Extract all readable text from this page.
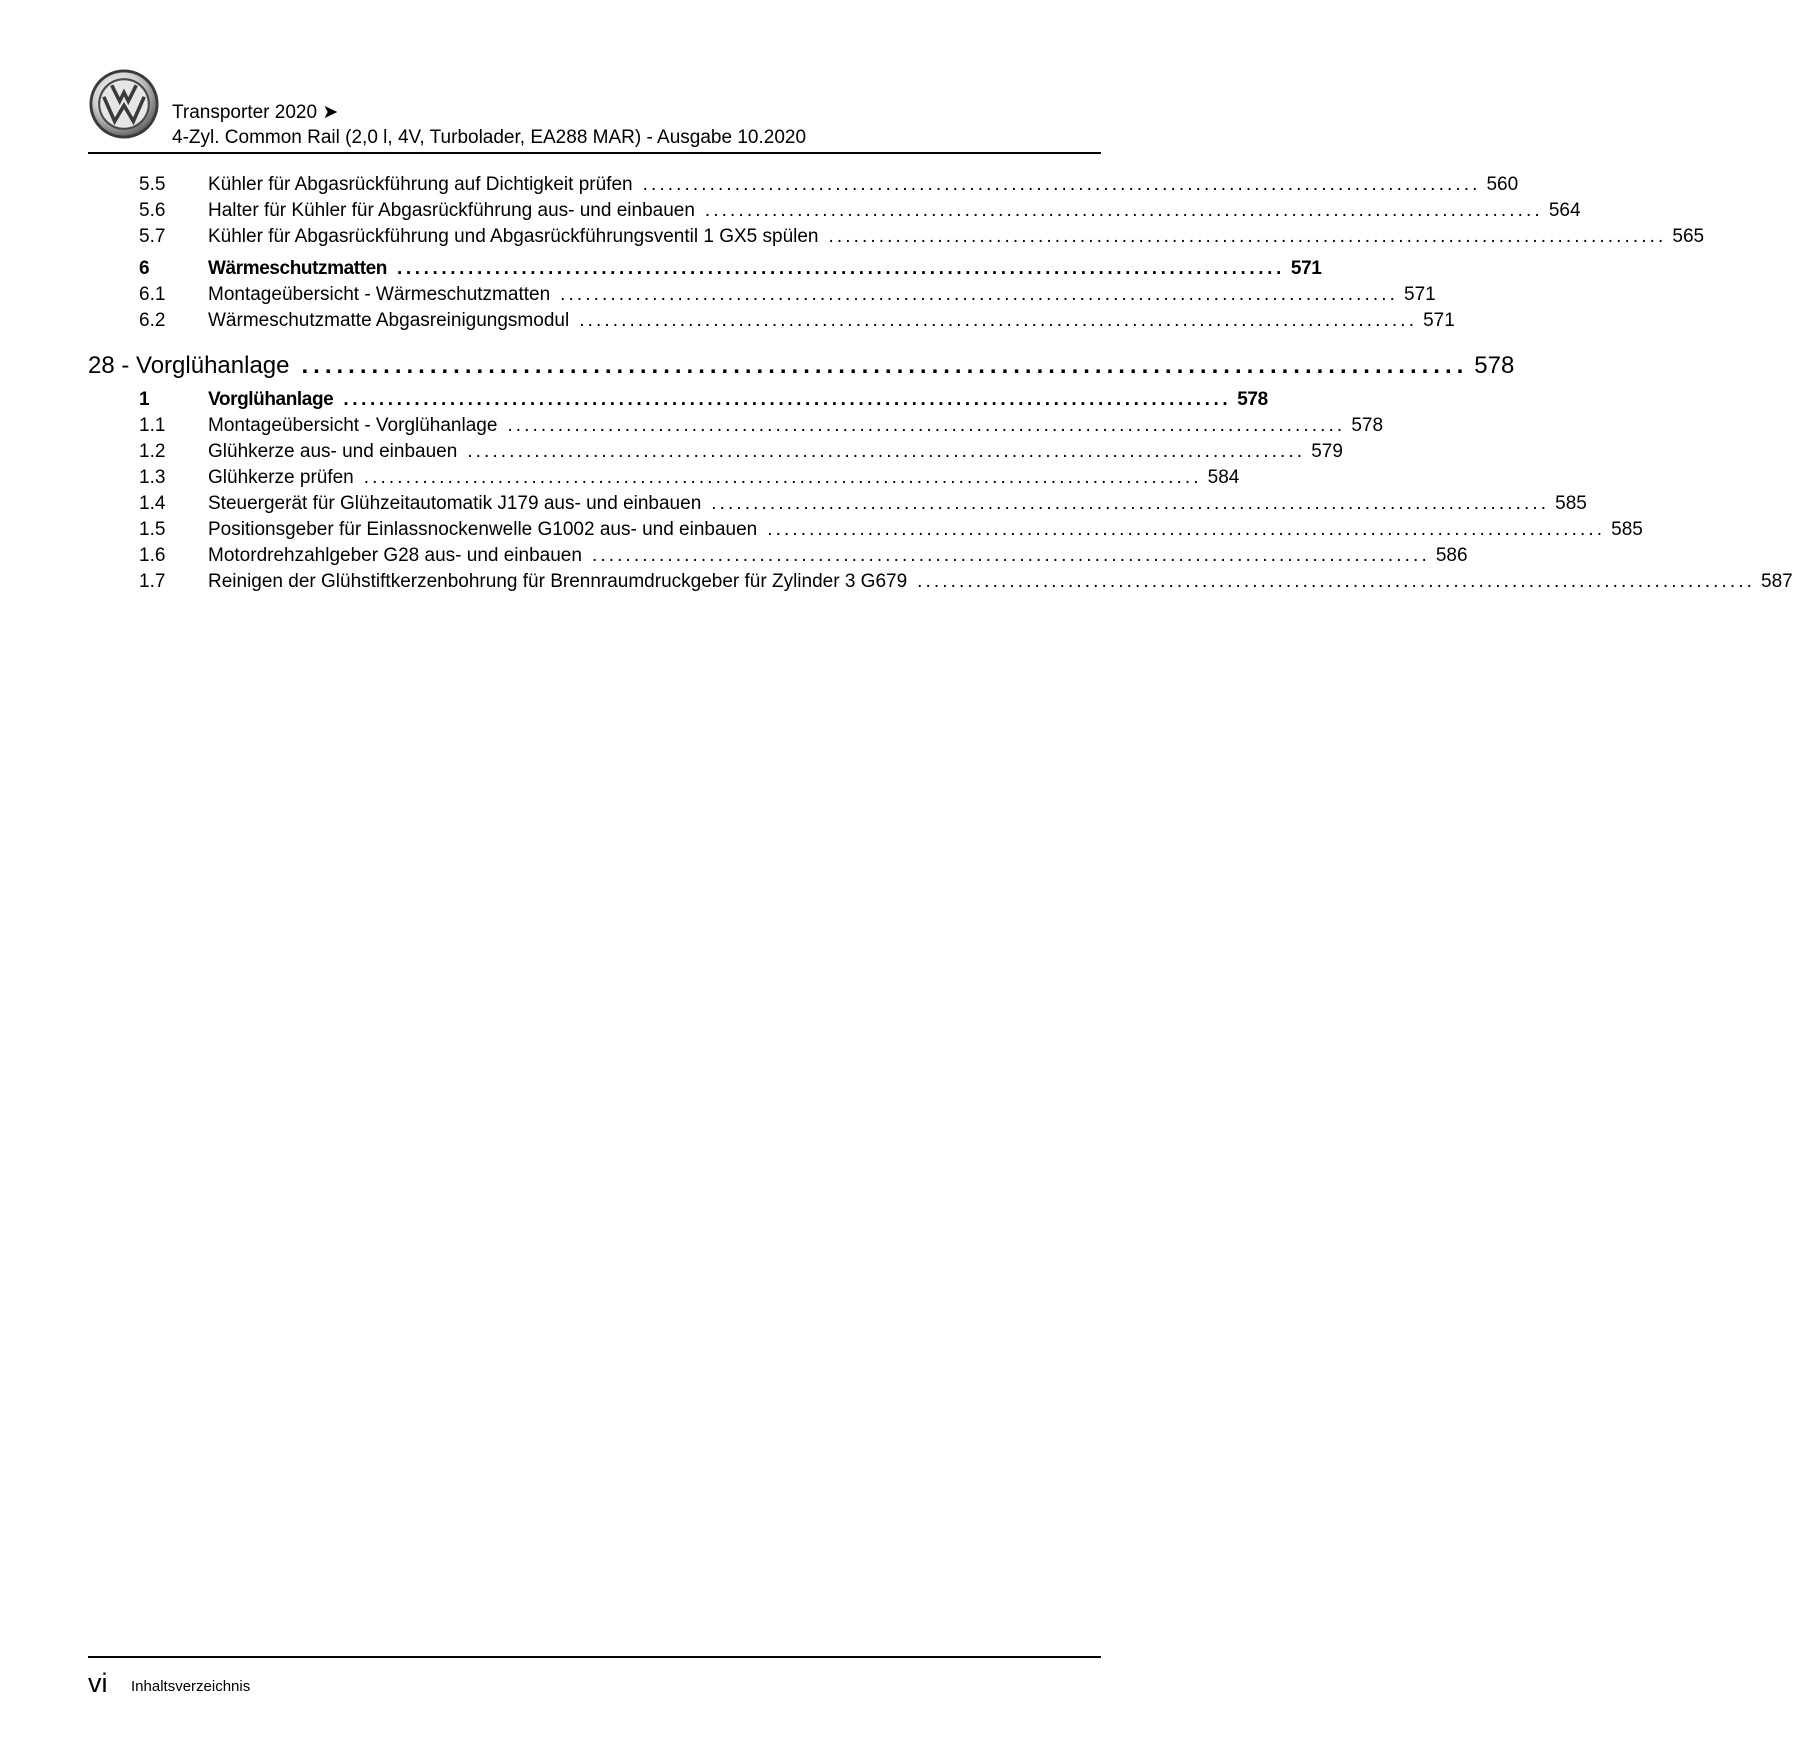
Transporter 2020 ➤
4-Zyl. Common Rail (2,0 l, 4V, Turbolader, EA288 MAR) - Ausgabe 10.2020
5.5	Kühler für Abgasrückführung auf Dichtigkeit prüfen .................................................................................................... 560
5.6	Halter für Kühler für Abgasrückführung aus- und einbauen .................................................................................................... 564
5.7	Kühler für Abgasrückführung und Abgasrückführungsventil 1 GX5 spülen .................................................................................................... 565
6	Wärmeschutzmatten .................................................................................................... 571
6.1	Montageübersicht - Wärmeschutzmatten .................................................................................................... 571
6.2	Wärmeschutzmatte Abgasreinigungsmodul .................................................................................................... 571
28 - Vorglühanlage .................................................................................................... 578
1	Vorglühanlage .................................................................................................... 578
1.1	Montageübersicht - Vorglühanlage .................................................................................................... 578
1.2	Glühkerze aus- und einbauen .................................................................................................... 579
1.3	Glühkerze prüfen .................................................................................................... 584
1.4	Steuergerät für Glühzeitautomatik J179 aus- und einbauen .................................................................................................... 585
1.5	Positionsgeber für Einlassnockenwelle G1002 aus- und einbauen .................................................................................................... 585
1.6	Motordrehzahlgeber G28 aus- und einbauen .................................................................................................... 586
1.7	Reinigen der Glühstiftkerzenbohrung für Brennraumdruckgeber für Zylinder 3 G679 .................................................................................................... 587
vi Inhaltsverzeichnis
